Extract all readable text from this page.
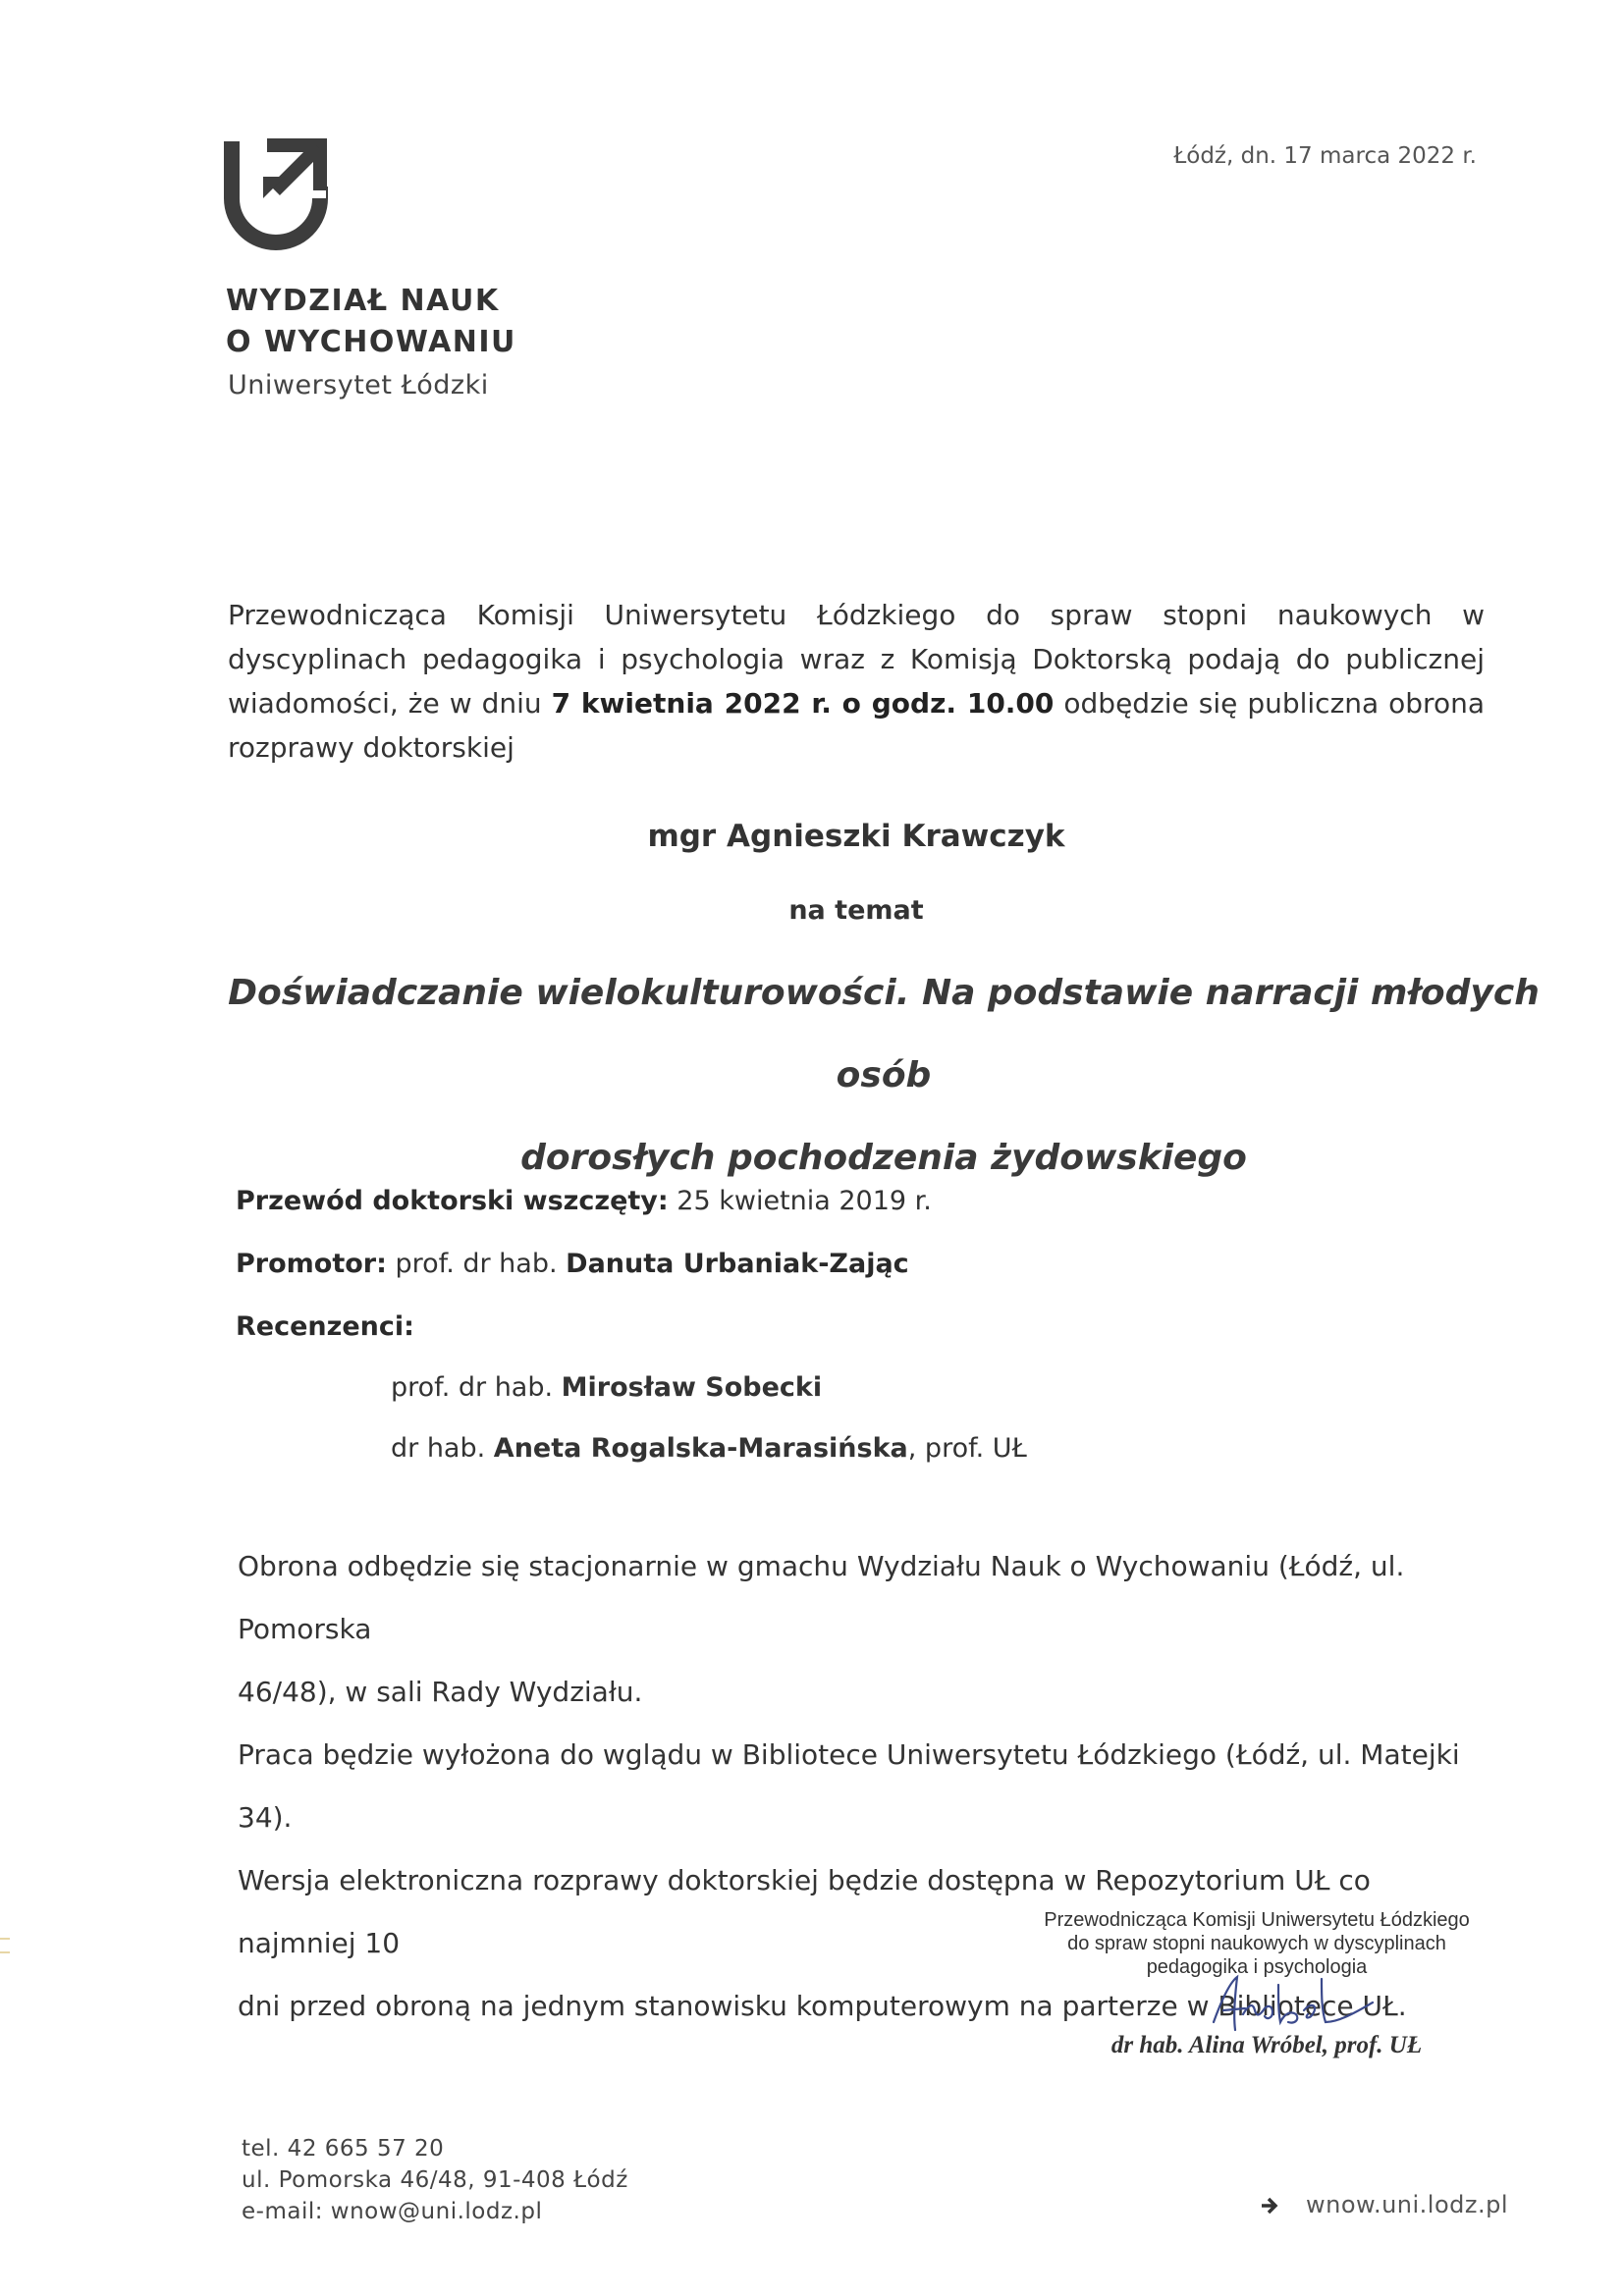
WYDZIAŁ NAUK
O WYCHOWANIU
Uniwersytet Łódzki
Łódź, dn. 17 marca 2022 r.
Przewodnicząca Komisji Uniwersytetu Łódzkiego do spraw stopni naukowych w dyscyplinach pedagogika i psychologia wraz z Komisją Doktorską podają do publicznej wiadomości, że w dniu 7 kwietnia 2022 r. o godz. 10.00 odbędzie się publiczna obrona rozprawy doktorskiej
mgr Agnieszki Krawczyk
na temat
Doświadczanie wielokulturowości. Na podstawie narracji młodych osób
dorosłych pochodzenia żydowskiego
Przewód doktorski wszczęty: 25 kwietnia 2019 r.
Promotor: prof. dr hab. Danuta Urbaniak-Zając
Recenzenci:
prof. dr hab. Mirosław Sobecki
dr hab. Aneta Rogalska-Marasińska, prof. UŁ
Obrona odbędzie się stacjonarnie w gmachu Wydziału Nauk o Wychowaniu (Łódź, ul. Pomorska
46/48), w sali Rady Wydziału.
Praca będzie wyłożona do wglądu w Bibliotece Uniwersytetu Łódzkiego (Łódź, ul. Matejki 34).
Wersja elektroniczna rozprawy doktorskiej będzie dostępna w Repozytorium UŁ co najmniej 10
dni przed obroną na jednym stanowisku komputerowym na parterze w Bibliotece UŁ.
Przewodnicząca Komisji Uniwersytetu Łódzkiego
do spraw stopni naukowych w dyscyplinach
pedagogika i psychologia
dr hab. Alina Wróbel, prof. UŁ
tel. 42 665 57 20
ul. Pomorska 46/48, 91-408 Łódź
e-mail: wnow@uni.lodz.pl	wnow.uni.lodz.pl
